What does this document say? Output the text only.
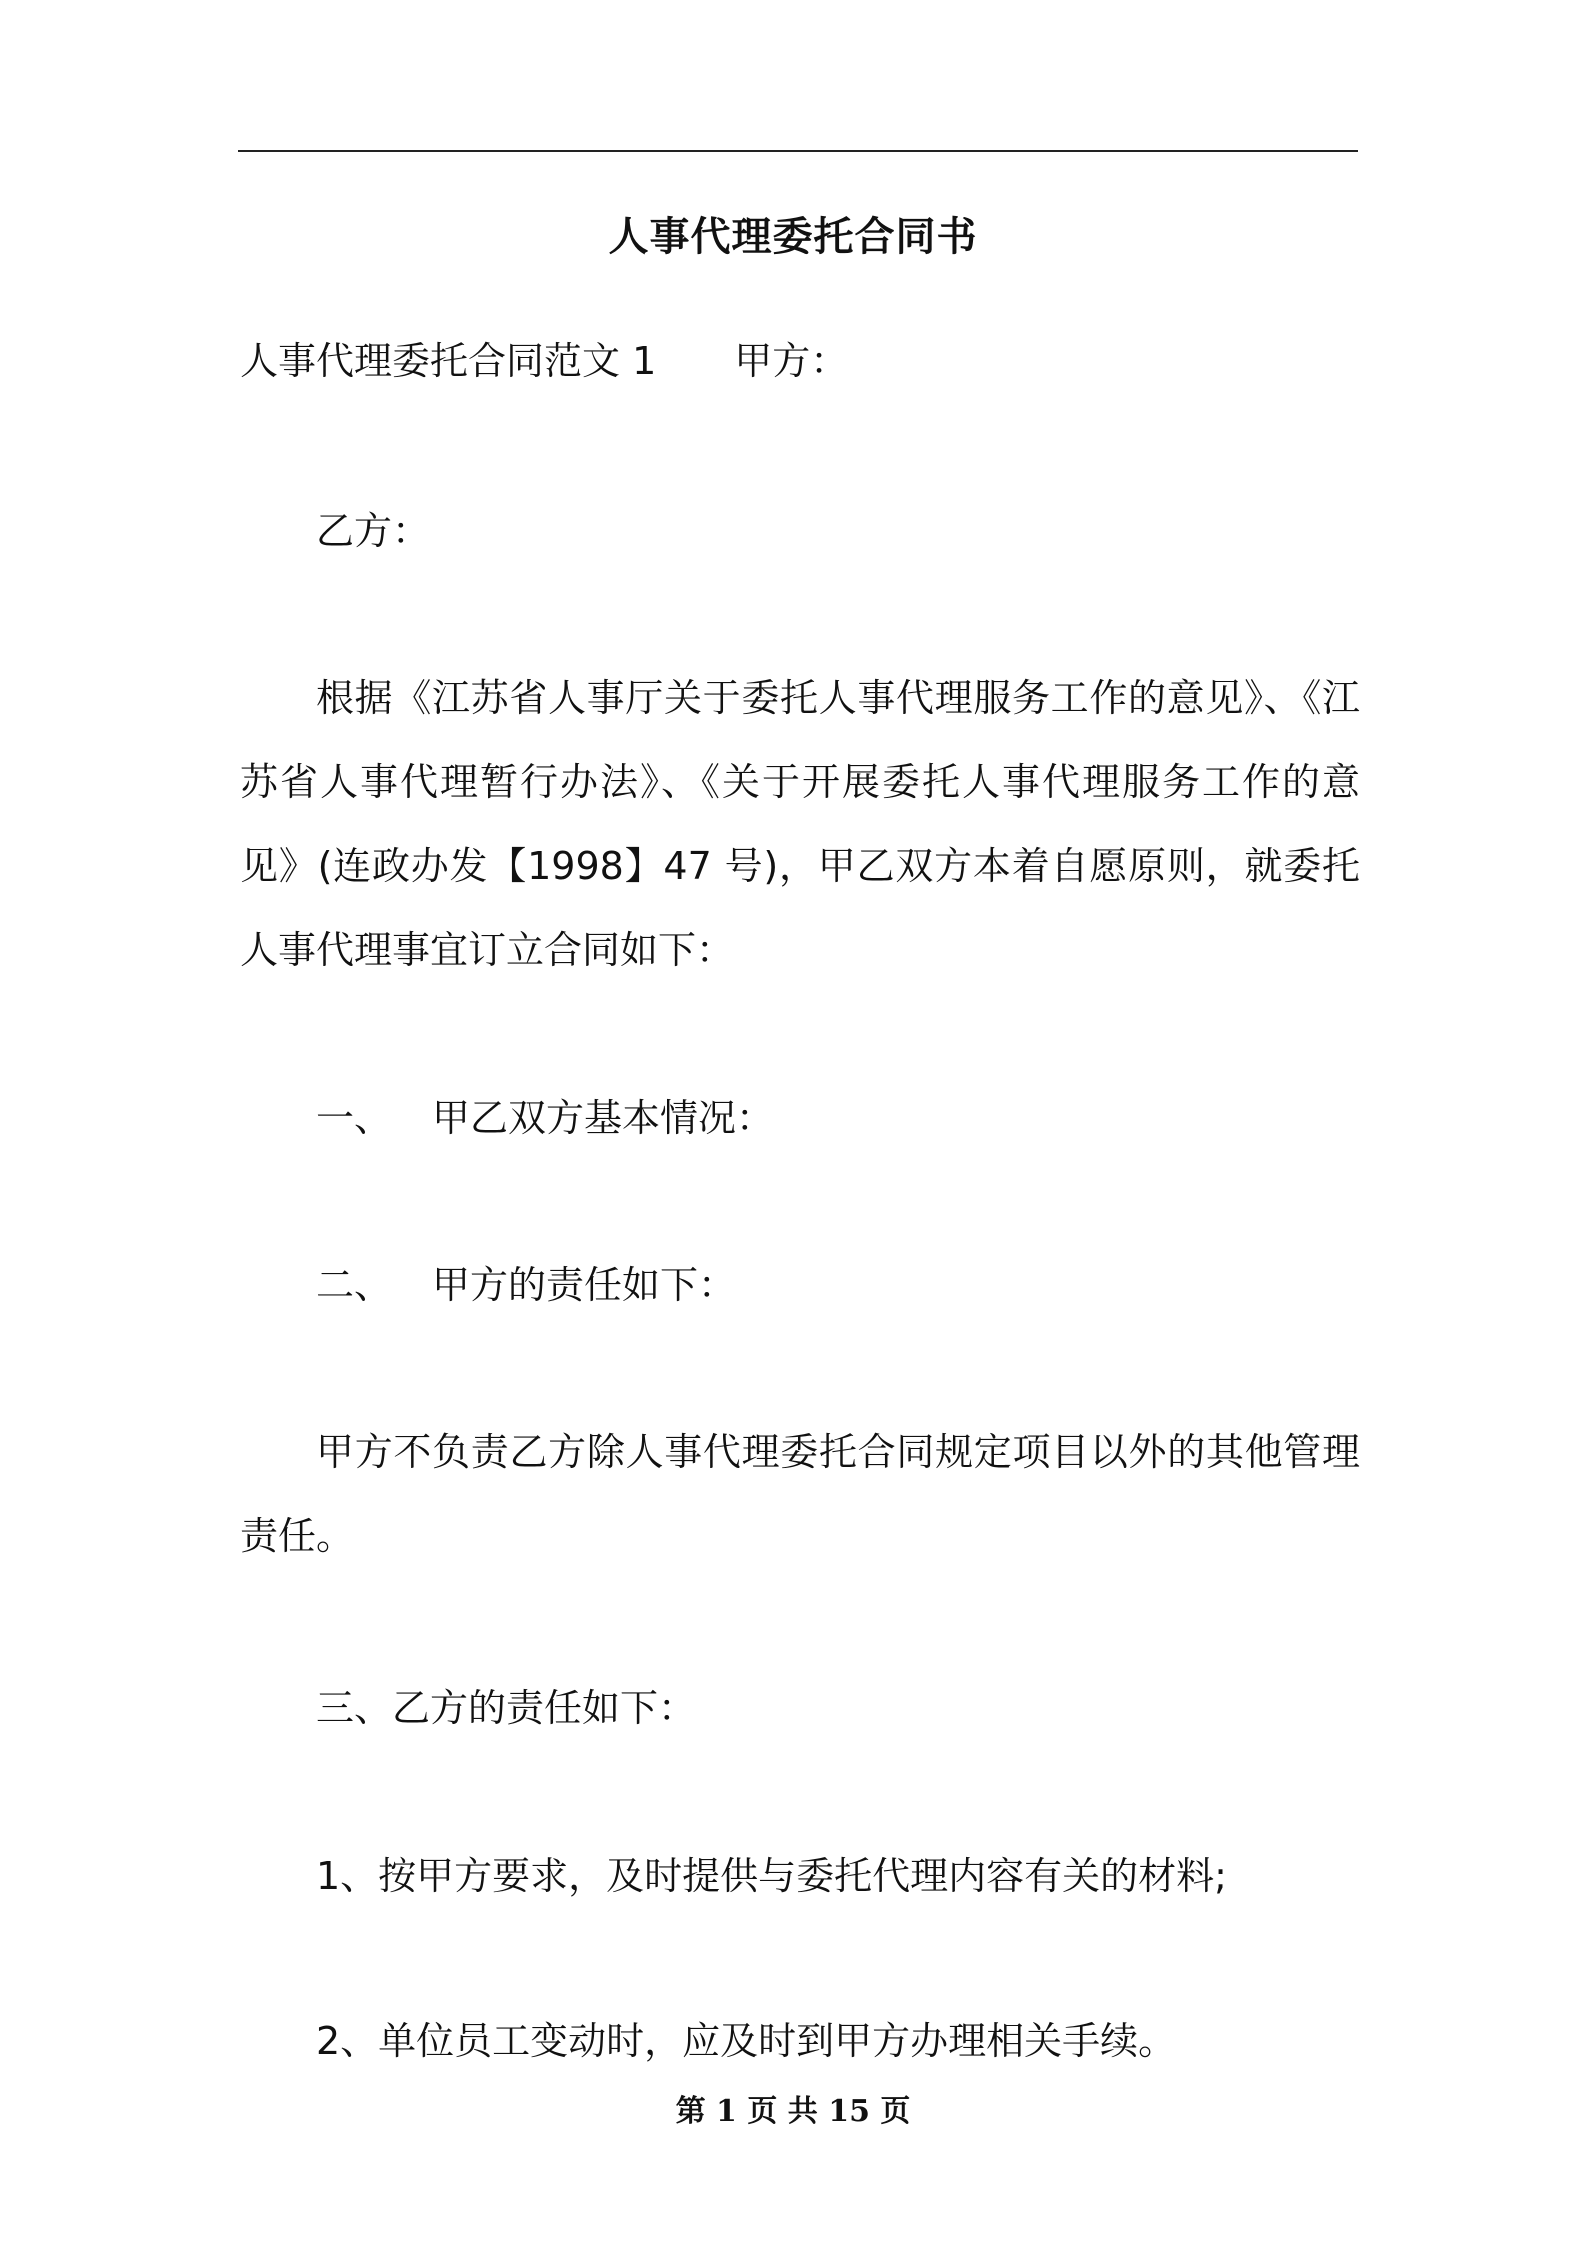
人事代理委托合同书
人事代理委托合同范文 1 甲方：
乙方：
根据《江苏省人事厅关于委托人事代理服务工作的意见》、《江苏省人事代理暂行办法》、《关于开展委托人事代理服务工作的意见》(连政办发【1998】47 号)，甲乙双方本着自愿原则，就委托人事代理事宜订立合同如下：
一、 甲乙双方基本情况：
二、 甲方的责任如下：
甲方不负责乙方除人事代理委托合同规定项目以外的其他管理责任。
三、乙方的责任如下：
1、按甲方要求，及时提供与委托代理内容有关的材料;
2、单位员工变动时，应及时到甲方办理相关手续。
第 1 页 共 15 页
